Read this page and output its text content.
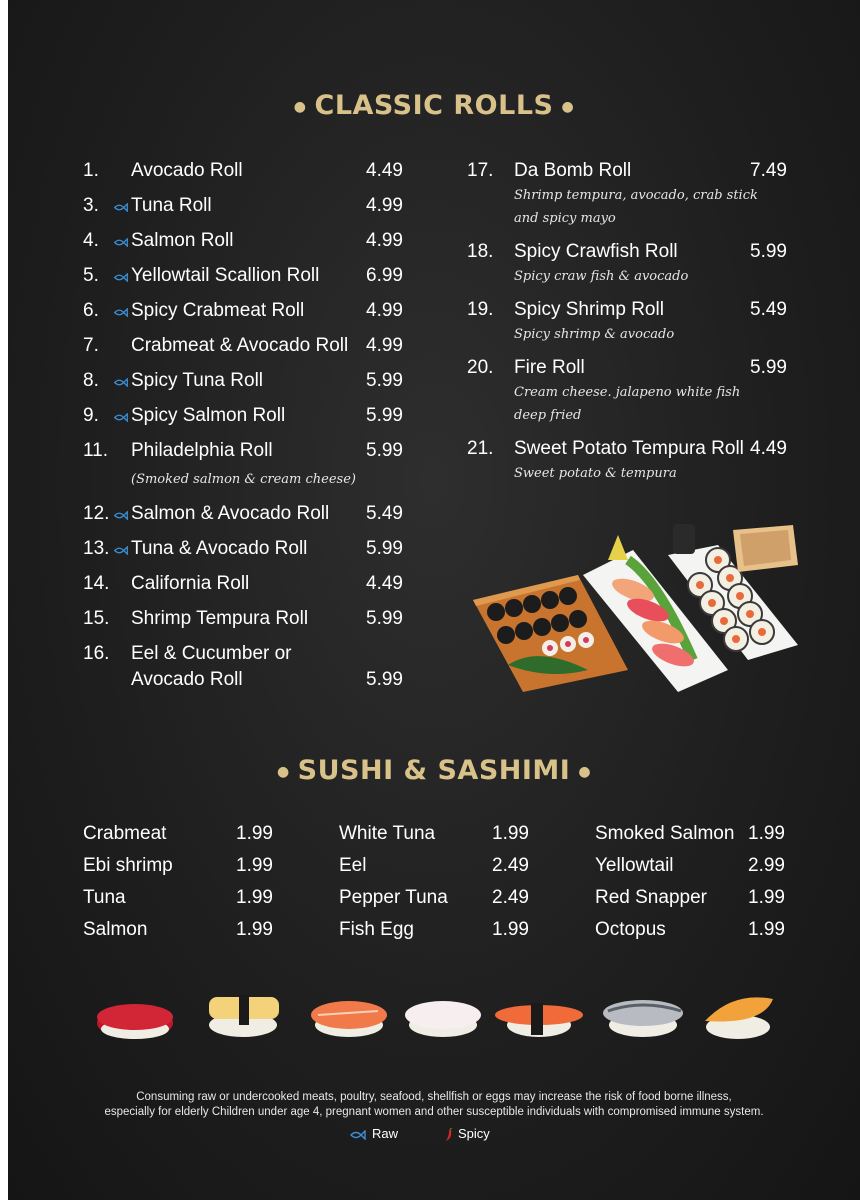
● CLASSIC ROLLS ●
1.	Avocado Roll	4.49
3.	Tuna Roll	4.99
4.	Salmon Roll	4.99
5.	Yellowtail Scallion Roll	6.99
6.	Spicy Crabmeat Roll	4.99
7.	Crabmeat & Avocado Roll 4.99
8.	Spicy Tuna Roll	5.99
9.	Spicy Salmon Roll	5.99
11.	Philadelphia Roll	5.99
(Smoked salmon & cream cheese)
12.	Salmon & Avocado Roll	5.49
13.	Tuna & Avocado Roll	5.99
14.	California Roll	4.49
15.	Shrimp Tempura Roll	5.99
16.	Eel & Cucumber or
Avocado Roll	5.99
17.	Da Bomb Roll	7.49
Shrimp tempura, avocado, crab stick
and spicy mayo
18.	Spicy Crawfish Roll	5.99
Spicy craw fish & avocado
19.	Spicy Shrimp Roll	5.49
Spicy shrimp & avocado
20.	Fire Roll	5.99
Cream cheese. jalapeno white fish
deep fried
21.	Sweet Potato Tempura Roll 4.49
Sweet potato & tempura
● SUSHI & SASHIMI ●
Crabmeat	1.99
Ebi shrimp	1.99
Tuna	1.99
Salmon	1.99
White Tuna	1.99
Eel	2.49
Pepper Tuna 2.49
Fish Egg	1.99
Smoked Salmon 1.99
Yellowtail	2.99
Red Snapper 1.99
Octopus	1.99
Consuming raw or undercooked meats, poultry, seafood, shellfish or eggs may increase the risk of food borne illness,
especially for elderly Children under age 4, pregnant women and other susceptible individuals with compromised immune system.
Raw	Spicy
